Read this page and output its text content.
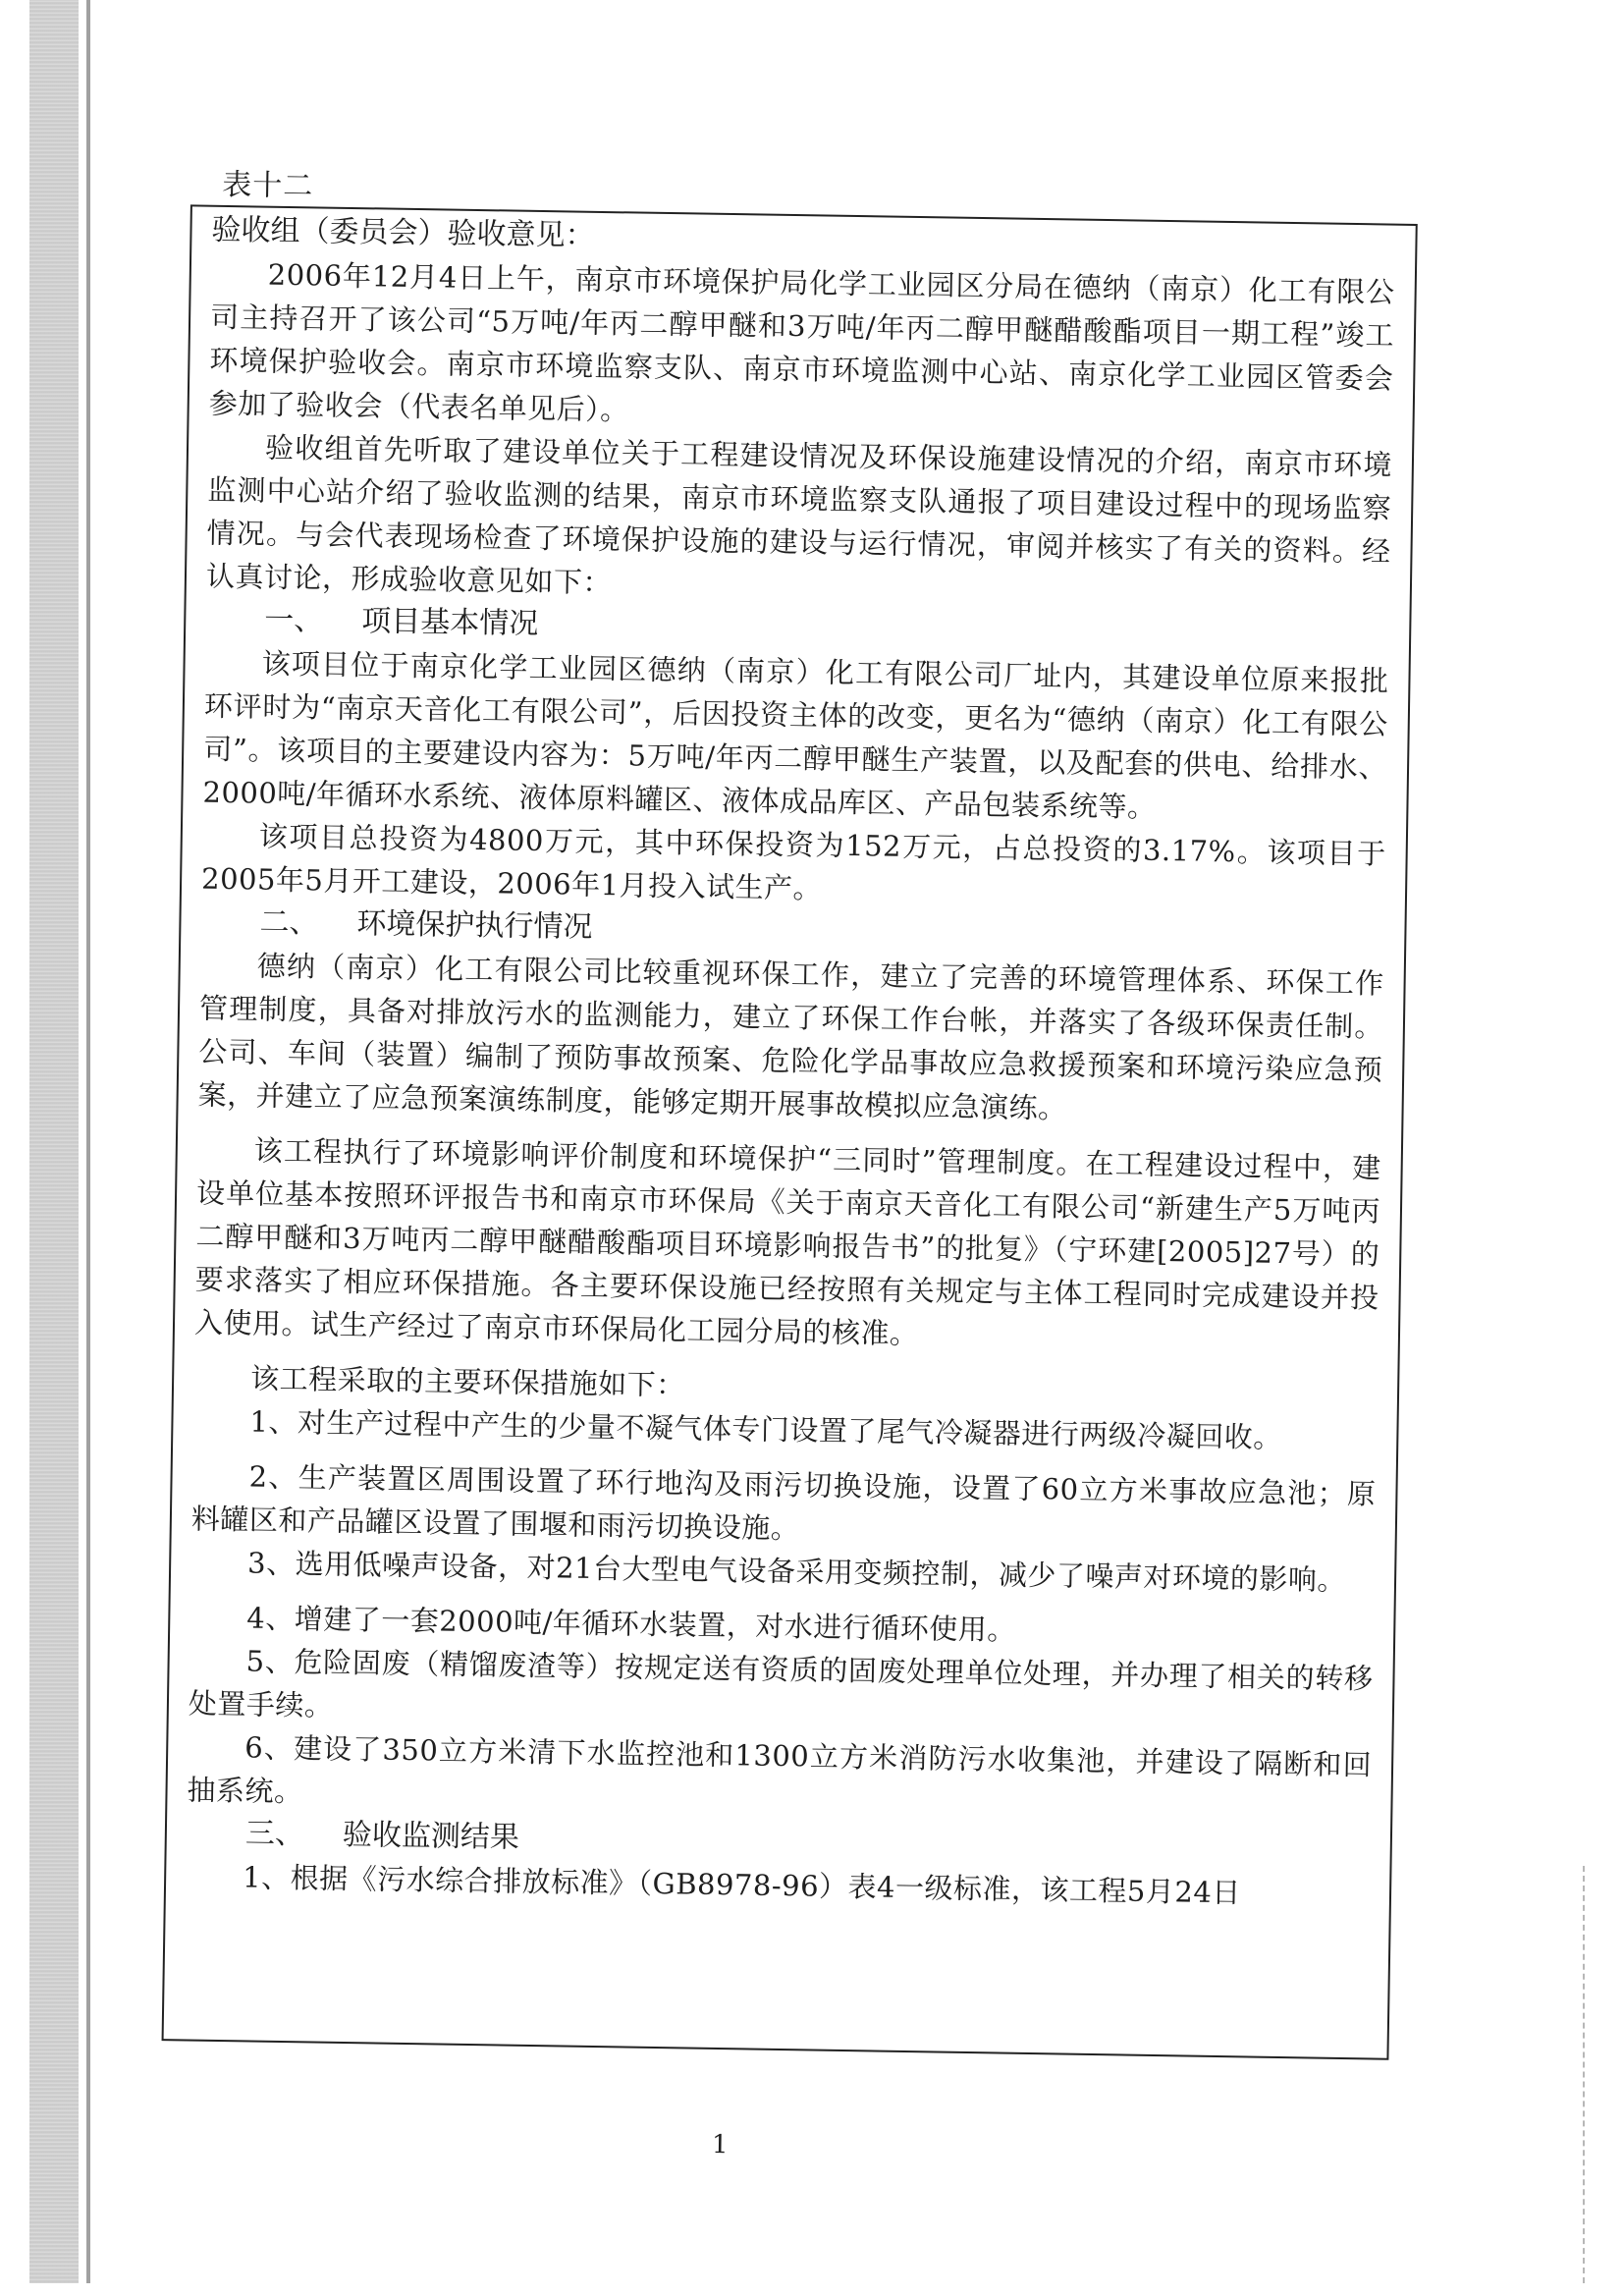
表十二
验收组（委员会）验收意见：

2006年12月4日上午，南京市环境保护局化学工业园区分局在德纳（南京）化工有限公司主持召开了该公司“5万吨/年丙二醇甲醚和3万吨/年丙二醇甲醚醋酸酯项目一期工程”竣工环境保护验收会。南京市环境监察支队、南京市环境监测中心站、南京化学工业园区管委会参加了验收会（代表名单见后）。

验收组首先听取了建设单位关于工程建设情况及环保设施建设情况的介绍，南京市环境监测中心站介绍了验收监测的结果，南京市环境监察支队通报了项目建设过程中的现场监察情况。与会代表现场检查了环境保护设施的建设与运行情况，审阅并核实了有关的资料。经认真讨论，形成验收意见如下：

一、 项目基本情况

该项目位于南京化学工业园区德纳（南京）化工有限公司厂址内，其建设单位原来报批环评时为“南京天音化工有限公司”，后因投资主体的改变，更名为“德纳（南京）化工有限公司”。该项目的主要建设内容为：5万吨/年丙二醇甲醚生产装置，以及配套的供电、给排水、2000吨/年循环水系统、液体原料罐区、液体成品库区、产品包装系统等。

该项目总投资为4800万元，其中环保投资为152万元，占总投资的3.17%。该项目于2005年5月开工建设，2006年1月投入试生产。

二、 环境保护执行情况

德纳（南京）化工有限公司比较重视环保工作，建立了完善的环境管理体系、环保工作管理制度，具备对排放污水的监测能力，建立了环保工作台帐，并落实了各级环保责任制。公司、车间（装置）编制了预防事故预案、危险化学品事故应急救援预案和环境污染应急预案，并建立了应急预案演练制度，能够定期开展事故模拟应急演练。

该工程执行了环境影响评价制度和环境保护“三同时”管理制度。在工程建设过程中，建设单位基本按照环评报告书和南京市环保局《关于南京天音化工有限公司“新建生产5万吨丙二醇甲醚和3万吨丙二醇甲醚醋酸酯项目环境影响报告书”的批复》（宁环建[2005]27号）的要求落实了相应环保措施。各主要环保设施已经按照有关规定与主体工程同时完成建设并投入使用。试生产经过了南京市环保局化工园分局的核准。

该工程采取的主要环保措施如下：

1、对生产过程中产生的少量不凝气体专门设置了尾气冷凝器进行两级冷凝回收。

2、生产装置区周围设置了环行地沟及雨污切换设施，设置了60立方米事故应急池；原料罐区和产品罐区设置了围堰和雨污切换设施。

3、选用低噪声设备，对21台大型电气设备采用变频控制，减少了噪声对环境的影响。

4、增建了一套2000吨/年循环水装置，对水进行循环使用。

5、危险固废（精馏废渣等）按规定送有资质的固废处理单位处理，并办理了相关的转移处置手续。

6、建设了350立方米清下水监控池和1300立方米消防污水收集池，并建设了隔断和回抽系统。

三、 验收监测结果

1、根据《污水综合排放标准》（GB8978-96）表4一级标准，该工程5月24日

1
